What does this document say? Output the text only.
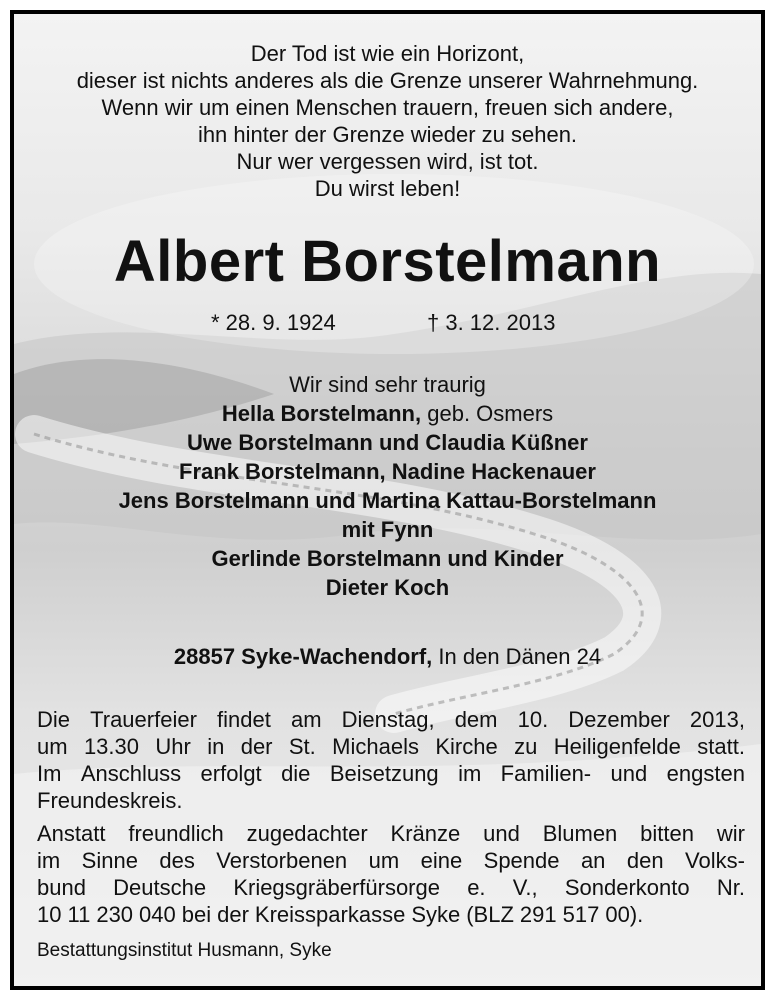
Der Tod ist wie ein Horizont,
dieser ist nichts anderes als die Grenze unserer Wahrnehmung.
Wenn wir um einen Menschen trauern, freuen sich andere,
ihn hinter der Grenze wieder zu sehen.
Nur wer vergessen wird, ist tot.
Du wirst leben!
Albert Borstelmann
* 28. 9. 1924	† 3. 12. 2013
Wir sind sehr traurig
Hella Borstelmann, geb. Osmers
Uwe Borstelmann und Claudia Küßner
Frank Borstelmann, Nadine Hackenauer
Jens Borstelmann und Martina Kattau-Borstelmann
mit Fynn
Gerlinde Borstelmann und Kinder
Dieter Koch
28857 Syke-Wachendorf, In den Dänen 24
Die Trauerfeier findet am Dienstag, dem 10. Dezember 2013,
um 13.30 Uhr in der St. Michaels Kirche zu Heiligenfelde statt.
Im Anschluss erfolgt die Beisetzung im Familien- und engsten
Freundeskreis.
Anstatt freundlich zugedachter Kränze und Blumen bitten wir
im Sinne des Verstorbenen um eine Spende an den Volks-
bund Deutsche Kriegsgräberfürsorge e. V., Sonderkonto Nr.
10 11 230 040 bei der Kreissparkasse Syke (BLZ 291 517 00).
Bestattungsinstitut Husmann, Syke
